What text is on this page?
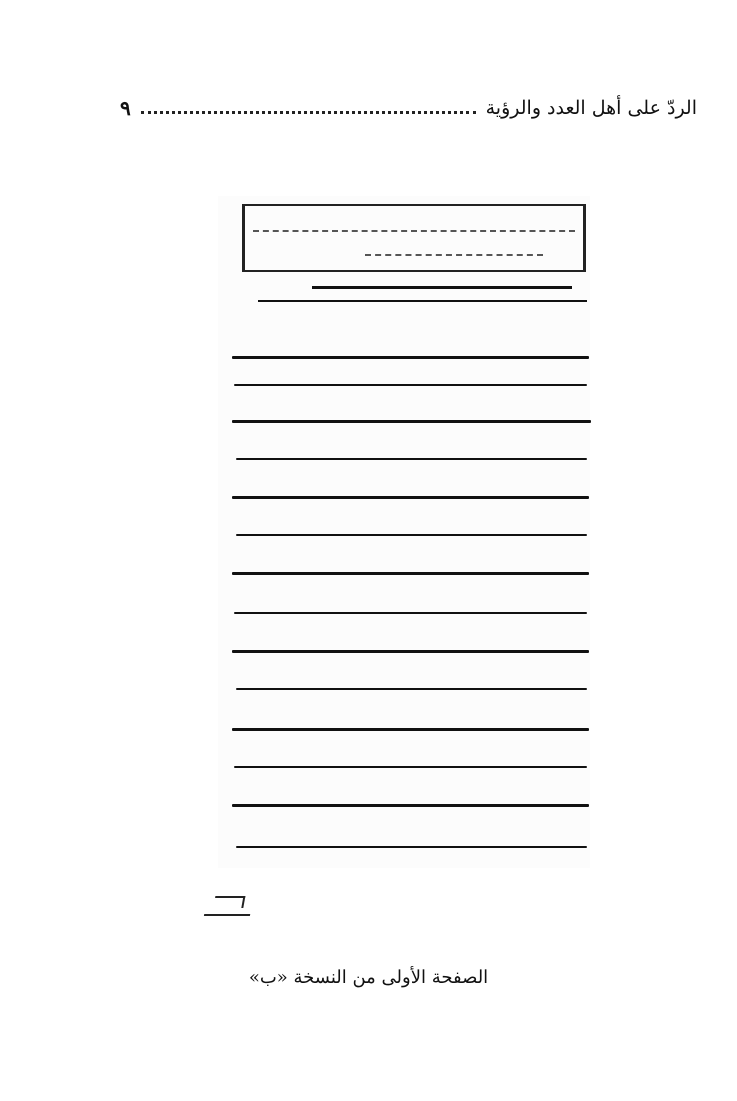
الردّ على أهل العدد والرؤية
٩
الصفحة الأولى من النسخة «ب»
